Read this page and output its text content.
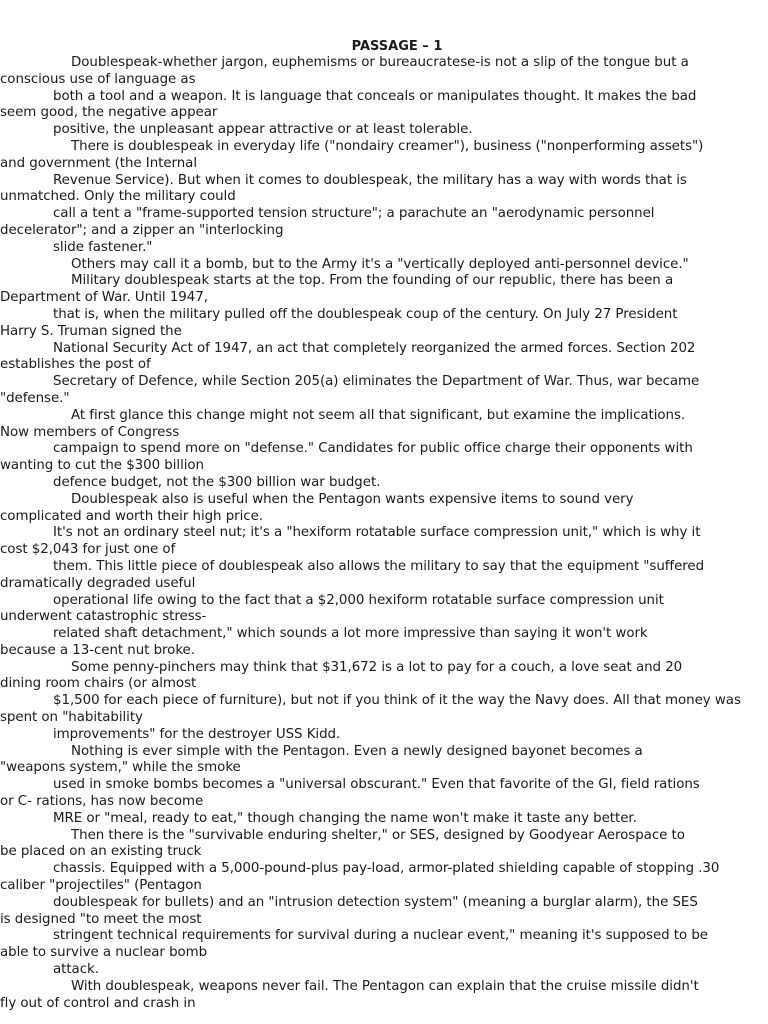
PASSAGE – 1
Doublespeak-whether jargon, euphemisms or bureaucratese-is not a slip of the tongue but a
conscious use of language as
both a tool and a weapon. It is language that conceals or manipulates thought. It makes the bad
seem good, the negative appear
positive, the unpleasant appear attractive or at least tolerable.
There is doublespeak in everyday life ("nondairy creamer"), business ("nonperforming assets")
and government (the Internal
Revenue Service). But when it comes to doublespeak, the military has a way with words that is
unmatched. Only the military could
call a tent a "frame-supported tension structure"; a parachute an "aerodynamic personnel
decelerator"; and a zipper an "interlocking
slide fastener."
Others may call it a bomb, but to the Army it's a "vertically deployed anti-personnel device."
Military doublespeak starts at the top. From the founding of our republic, there has been a
Department of War. Until 1947,
that is, when the military pulled off the doublespeak coup of the century. On July 27 President
Harry S. Truman signed the
National Security Act of 1947, an act that completely reorganized the armed forces. Section 202
establishes the post of
Secretary of Defence, while Section 205(a) eliminates the Department of War. Thus, war became
"defense."
At first glance this change might not seem all that significant, but examine the implications.
Now members of Congress
campaign to spend more on "defense." Candidates for public office charge their opponents with
wanting to cut the $300 billion
defence budget, not the $300 billion war budget.
Doublespeak also is useful when the Pentagon wants expensive items to sound very
complicated and worth their high price.
It's not an ordinary steel nut; it's a "hexiform rotatable surface compression unit," which is why it
cost $2,043 for just one of
them. This little piece of doublespeak also allows the military to say that the equipment "suffered
dramatically degraded useful
operational life owing to the fact that a $2,000 hexiform rotatable surface compression unit
underwent catastrophic stress-
related shaft detachment," which sounds a lot more impressive than saying it won't work
because a 13-cent nut broke.
Some penny-pinchers may think that $31,672 is a lot to pay for a couch, a love seat and 20
dining room chairs (or almost
$1,500 for each piece of furniture), but not if you think of it the way the Navy does. All that money was
spent on "habitability
improvements" for the destroyer USS Kidd.
Nothing is ever simple with the Pentagon. Even a newly designed bayonet becomes a
"weapons system," while the smoke
used in smoke bombs becomes a "universal obscurant." Even that favorite of the GI, field rations
or C- rations, has now become
MRE or "meal, ready to eat," though changing the name won't make it taste any better.
Then there is the "survivable enduring shelter," or SES, designed by Goodyear Aerospace to
be placed on an existing truck
chassis. Equipped with a 5,000-pound-plus pay-load, armor-plated shielding capable of stopping .30
caliber "projectiles" (Pentagon
doublespeak for bullets) and an "intrusion detection system" (meaning a burglar alarm), the SES
is designed "to meet the most
stringent technical requirements for survival during a nuclear event," meaning it's supposed to be
able to survive a nuclear bomb
attack.
With doublespeak, weapons never fail. The Pentagon can explain that the cruise missile didn't
fly out of control and crash in
